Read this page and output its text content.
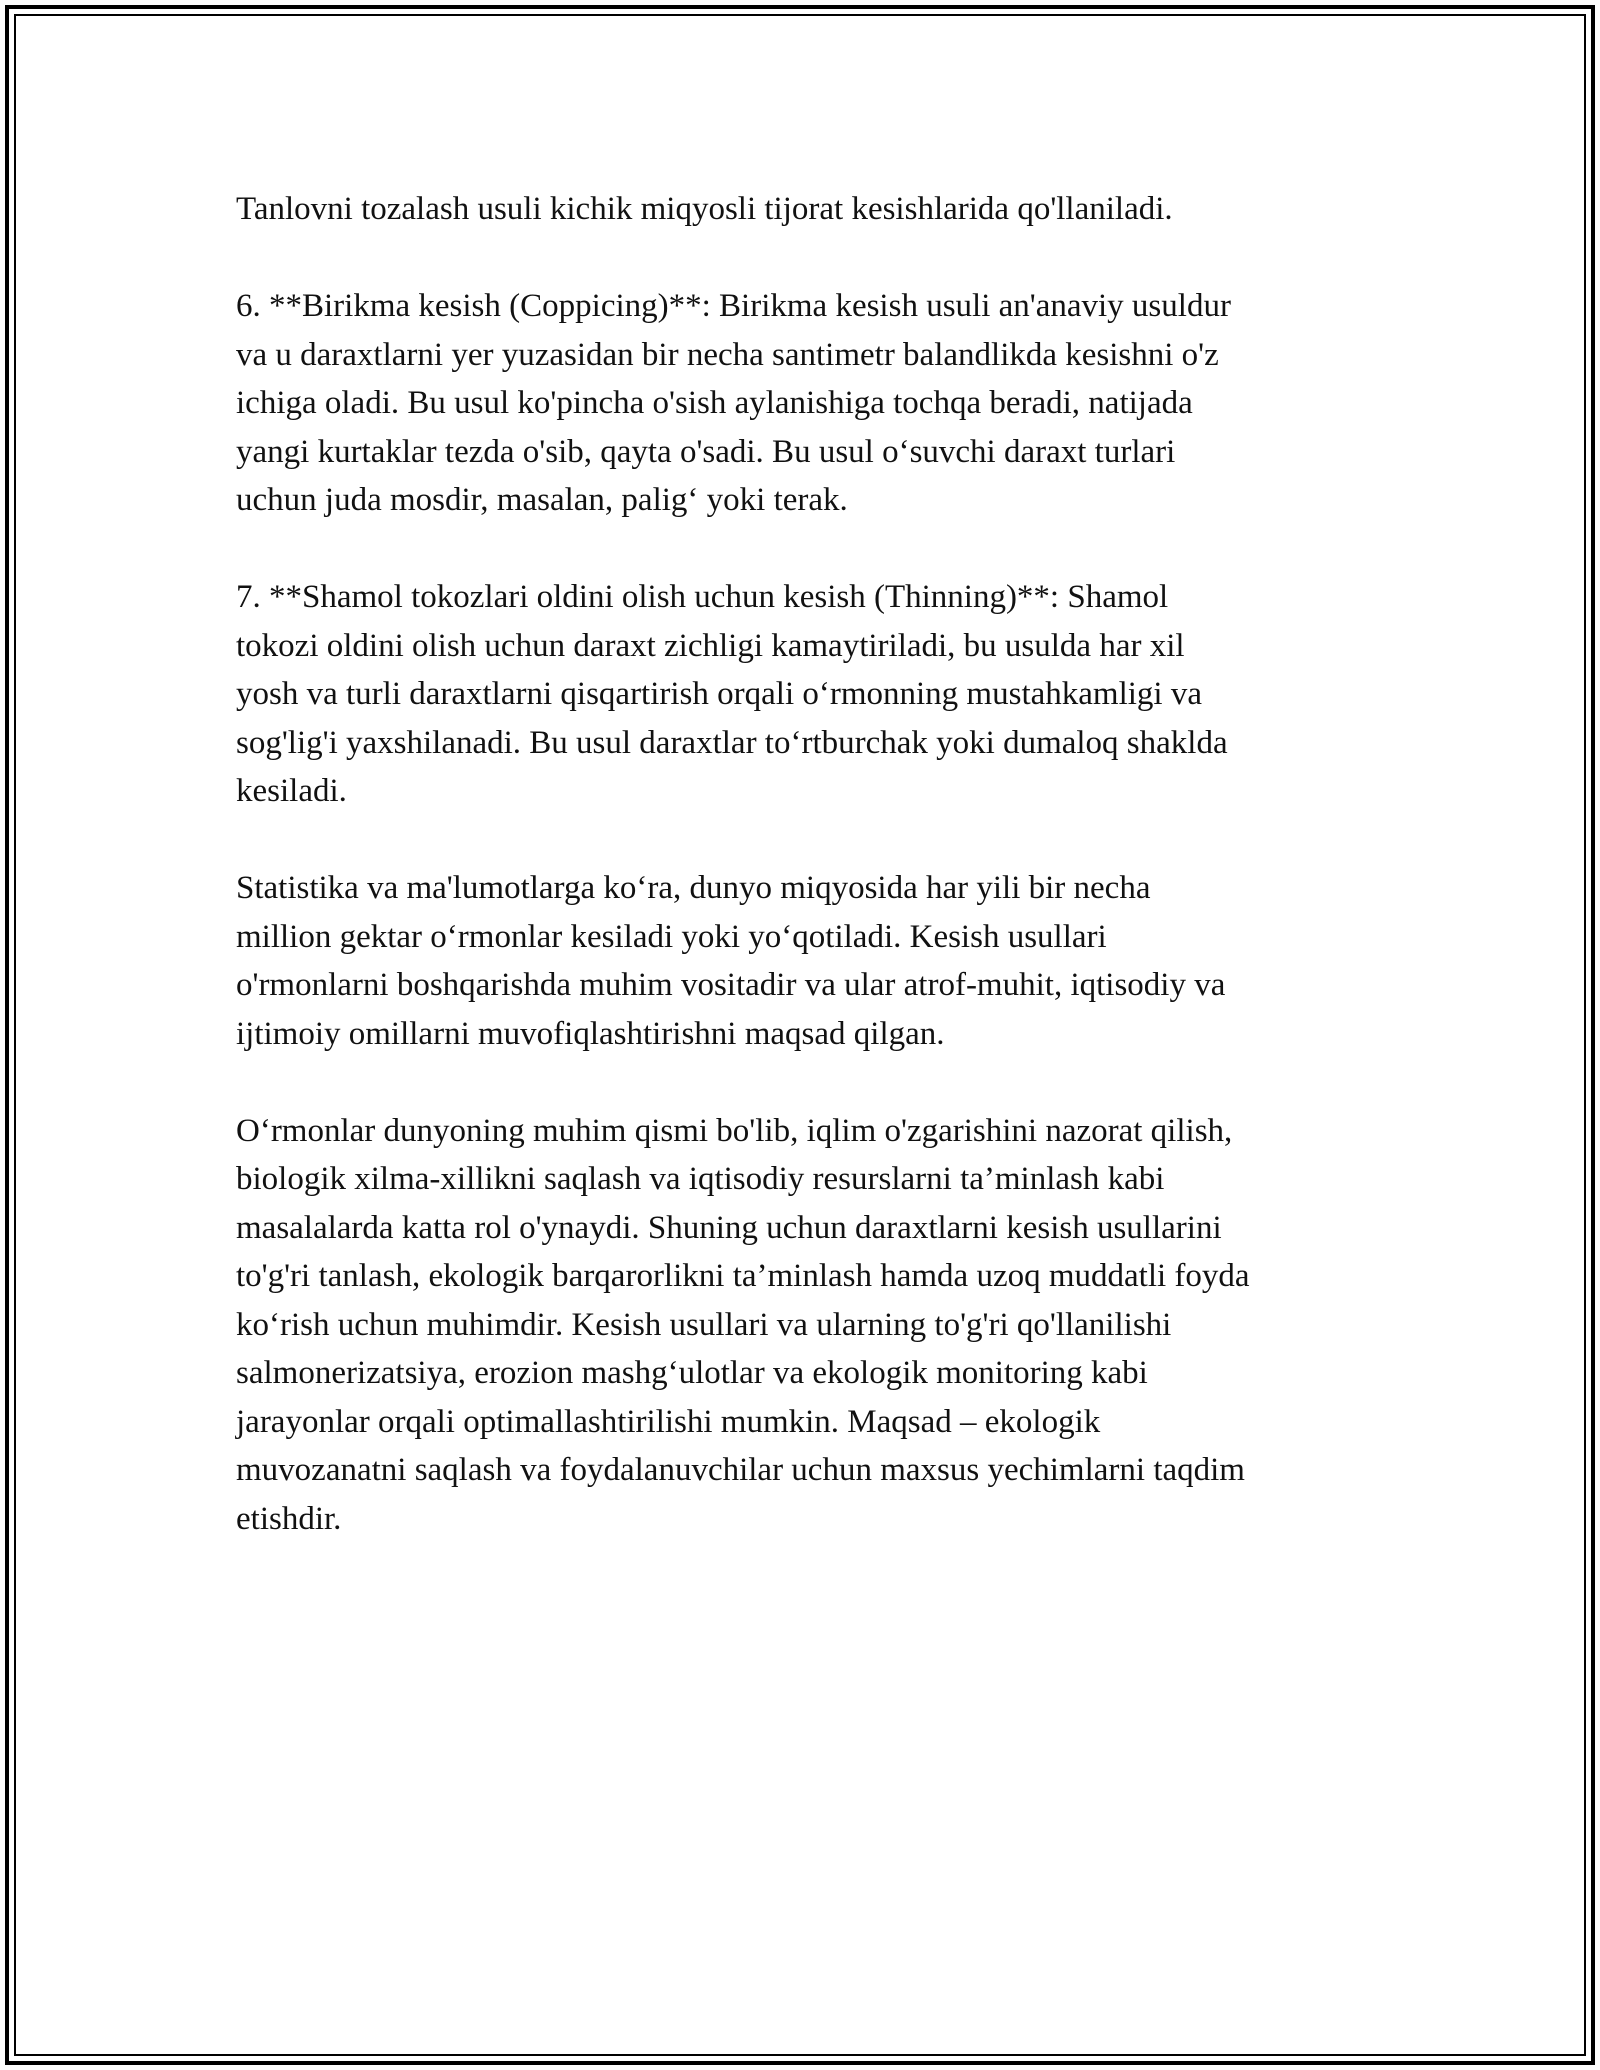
Tanlovni tozalash usuli kichik miqyosli tijorat kesishlarida qo'llaniladi.

6. **Birikma kesish (Coppicing)**: Birikma kesish usuli an'anaviy usuldur
va u daraxtlarni yer yuzasidan bir necha santimetr balandlikda kesishni o'z
ichiga oladi. Bu usul ko'pincha o'sish aylanishiga tochqa beradi, natijada
yangi kurtaklar tezda o'sib, qayta o'sadi. Bu usul o‘suvchi daraxt turlari
uchun juda mosdir, masalan, palig‘ yoki terak.

7. **Shamol tokozlari oldini olish uchun kesish (Thinning)**: Shamol
tokozi oldini olish uchun daraxt zichligi kamaytiriladi, bu usulda har xil
yosh va turli daraxtlarni qisqartirish orqali o‘rmonning mustahkamligi va
sog'lig'i yaxshilanadi. Bu usul daraxtlar to‘rtburchak yoki dumaloq shaklda
kesiladi.

Statistika va ma'lumotlarga ko‘ra, dunyo miqyosida har yili bir necha
million gektar o‘rmonlar kesiladi yoki yo‘qotiladi. Kesish usullari
o'rmonlarni boshqarishda muhim vositadir va ular atrof-muhit, iqtisodiy va
ijtimoiy omillarni muvofiqlashtirishni maqsad qilgan.

O‘rmonlar dunyoning muhim qismi bo'lib, iqlim o'zgarishini nazorat qilish,
biologik xilma-xillikni saqlash va iqtisodiy resurslarni ta’minlash kabi
masalalarda katta rol o'ynaydi. Shuning uchun daraxtlarni kesish usullarini
to'g'ri tanlash, ekologik barqarorlikni ta’minlash hamda uzoq muddatli foyda
ko‘rish uchun muhimdir. Kesish usullari va ularning to'g'ri qo'llanilishi
salmonerizatsiya, erozion mashg‘ulotlar va ekologik monitoring kabi
jarayonlar orqali optimallashtirilishi mumkin. Maqsad – ekologik
muvozanatni saqlash va foydalanuvchilar uchun maxsus yechimlarni taqdim
etishdir.
